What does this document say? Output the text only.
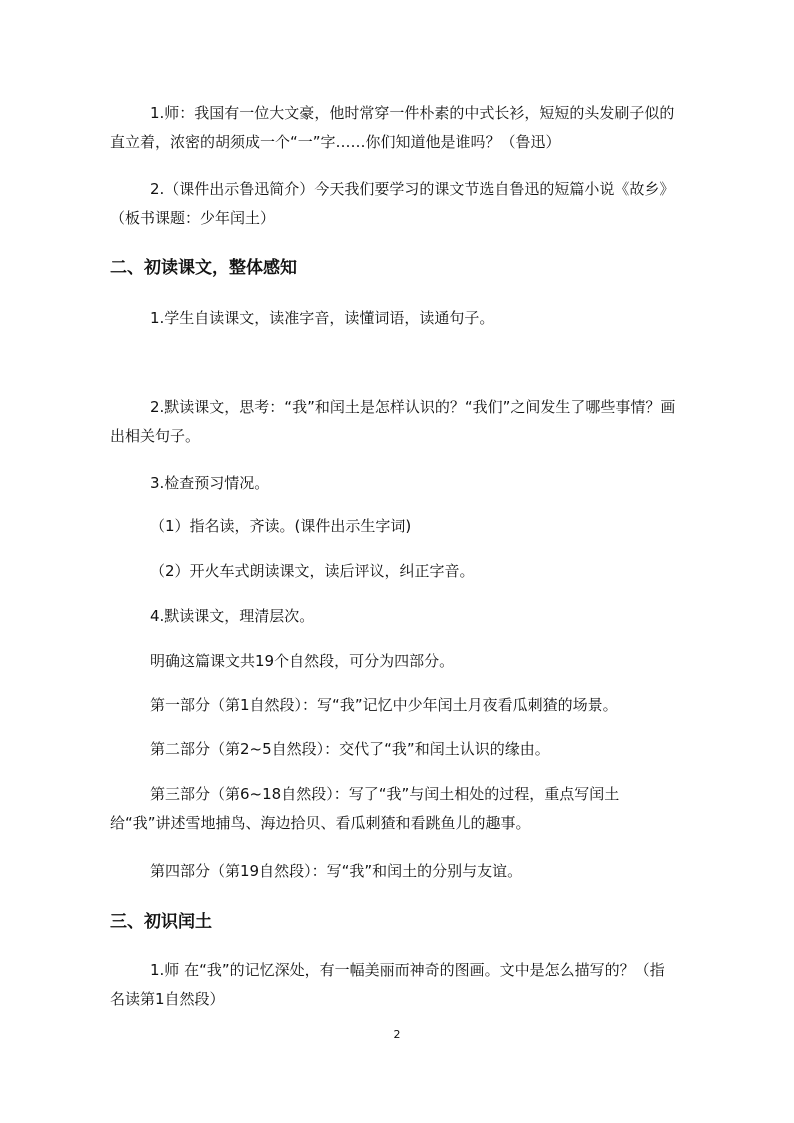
1.师：我国有一位大文豪，他时常穿一件朴素的中式长衫，短短的头发刷子似的直立着，浓密的胡须成一个“一”字……你们知道他是谁吗？（鲁迅）

2.（课件出示鲁迅简介）今天我们要学习的课文节选自鲁迅的短篇小说《故乡》（板书课题：少年闰土）

二、初读课文，整体感知

1.学生自读课文，读准字音，读懂词语，读通句子。

2.默读课文，思考：“我”和闰土是怎样认识的？“我们”之间发生了哪些事情？画出相关句子。

3.检查预习情况。

（1）指名读，齐读。(课件出示生字词)

（2）开火车式朗读课文，读后评议，纠正字音。

4.默读课文，理清层次。

明确这篇课文共19个自然段，可分为四部分。

第一部分（第1自然段）：写“我”记忆中少年闰土月夜看瓜刺猹的场景。

第二部分（第2~5自然段）：交代了“我”和闰土认识的缘由。

第三部分（第6~18自然段）：写了“我”与闰土相处的过程，重点写闰土给“我”讲述雪地捕鸟、海边拾贝、看瓜刺猹和看跳鱼儿的趣事。

第四部分（第19自然段）：写“我”和闰土的分别与友谊。

三、初识闰土

1.师 在“我”的记忆深处，有一幅美丽而神奇的图画。文中是怎么描写的？（指名读第1自然段）

2
